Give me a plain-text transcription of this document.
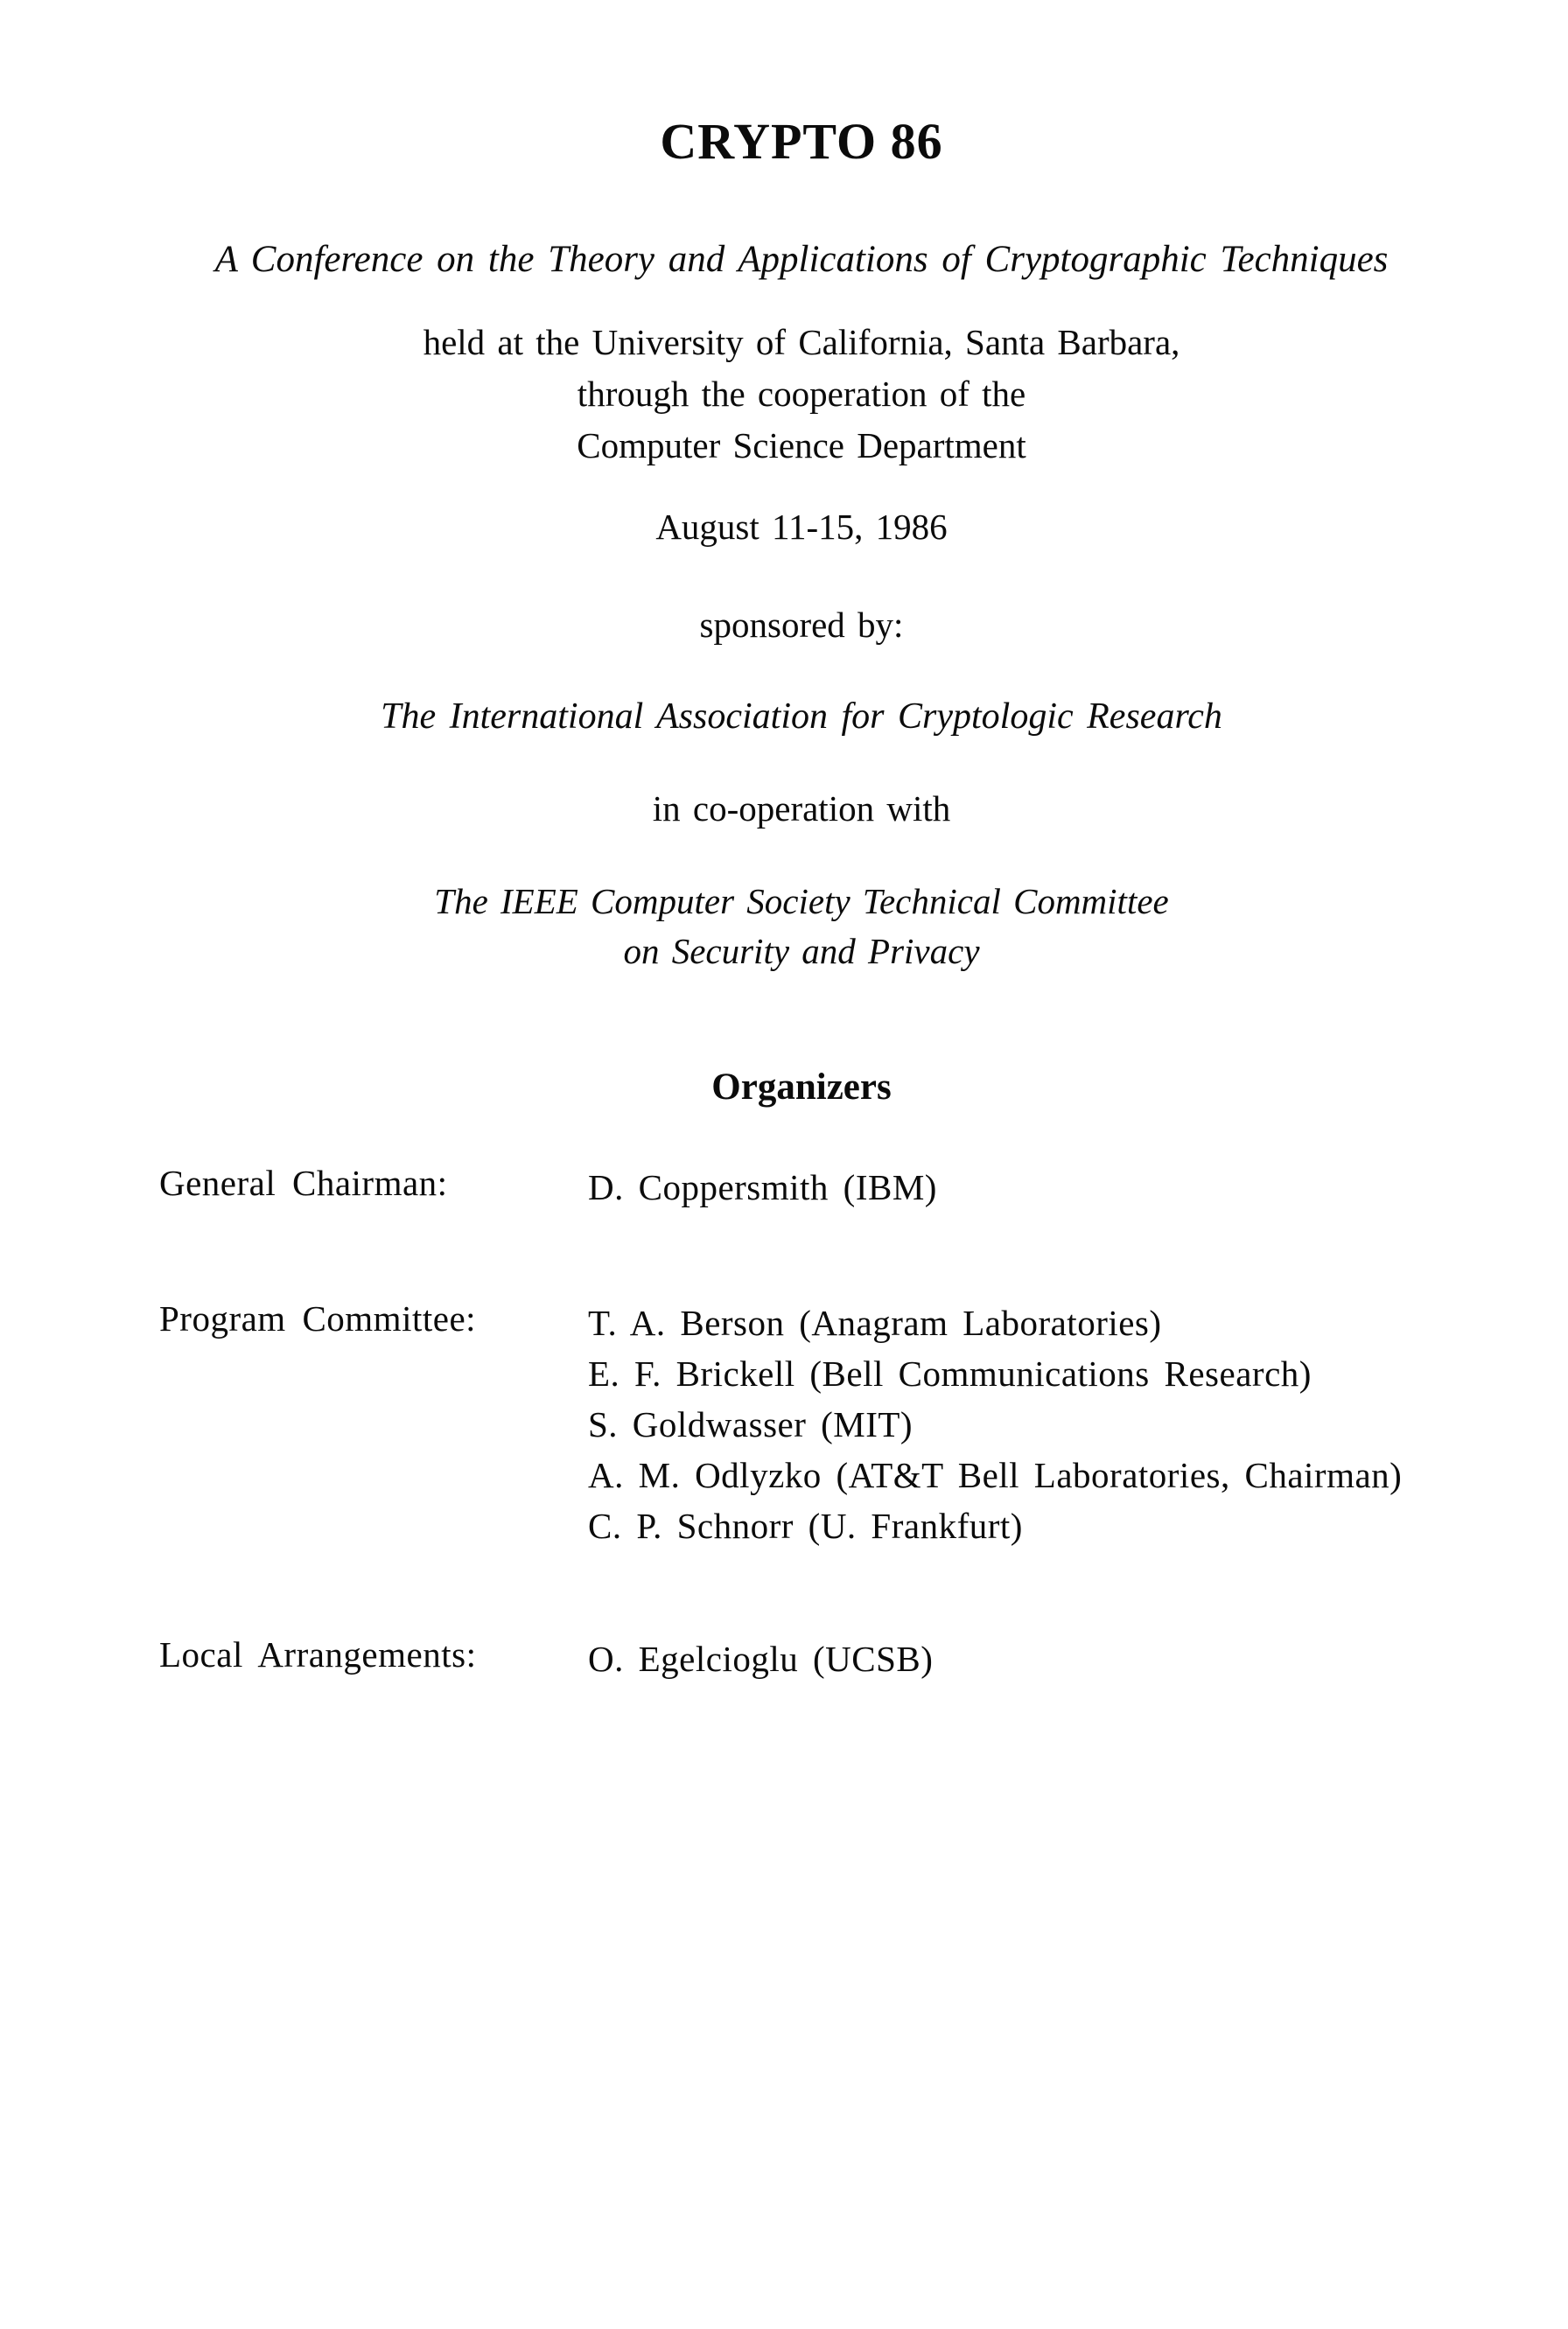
CRYPTO 86
A Conference on the Theory and Applications of Cryptographic Techniques
held at the University of California, Santa Barbara,
through the cooperation of the
Computer Science Department
August 11-15, 1986
sponsored by:
The International Association for Cryptologic Research
in co-operation with
The IEEE Computer Society Technical Committee
on Security and Privacy
Organizers
General Chairman:	D. Coppersmith (IBM)
Program Committee:	T. A. Berson (Anagram Laboratories)
E. F. Brickell (Bell Communications Research)
S. Goldwasser (MIT)
A. M. Odlyzko (AT&T Bell Laboratories, Chairman)
C. P. Schnorr (U. Frankfurt)
Local Arrangements:	O. Egelcioglu (UCSB)
